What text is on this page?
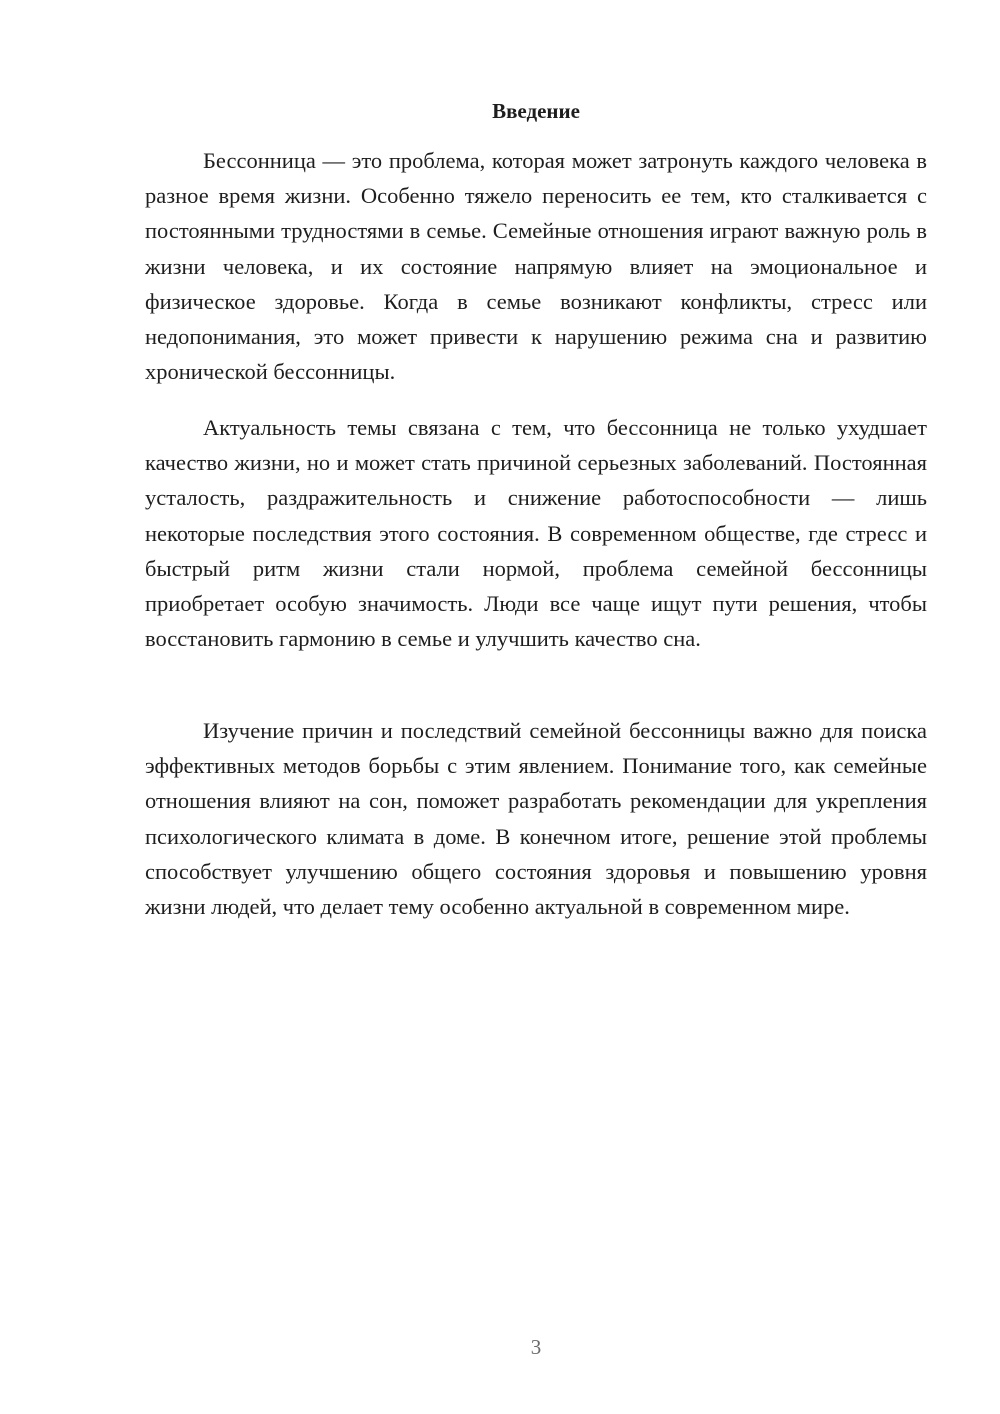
Введение

Бессонница — это проблема, которая может затронуть каждого человека в разное время жизни. Особенно тяжело переносить ее тем, кто сталкивается с постоянными трудностями в семье. Семейные отношения играют важную роль в жизни человека, и их состояние напрямую влияет на эмоциональное и физическое здоровье. Когда в семье возникают конфликты, стресс или недопонимания, это может привести к нарушению режима сна и развитию хронической бессонницы.

Актуальность темы связана с тем, что бессонница не только ухудшает качество жизни, но и может стать причиной серьезных заболеваний. Постоянная усталость, раздражительность и снижение работоспособности — лишь некоторые последствия этого состояния. В современном обществе, где стресс и быстрый ритм жизни стали нормой, проблема семейной бессонницы приобретает особую значимость. Люди все чаще ищут пути решения, чтобы восстановить гармонию в семье и улучшить качество сна.

Изучение причин и последствий семейной бессонницы важно для поиска эффективных методов борьбы с этим явлением. Понимание того, как семейные отношения влияют на сон, поможет разработать рекомендации для укрепления психологического климата в доме. В конечном итоге, решение этой проблемы способствует улучшению общего состояния здоровья и повышению уровня жизни людей, что делает тему особенно актуальной в современном мире.

3
